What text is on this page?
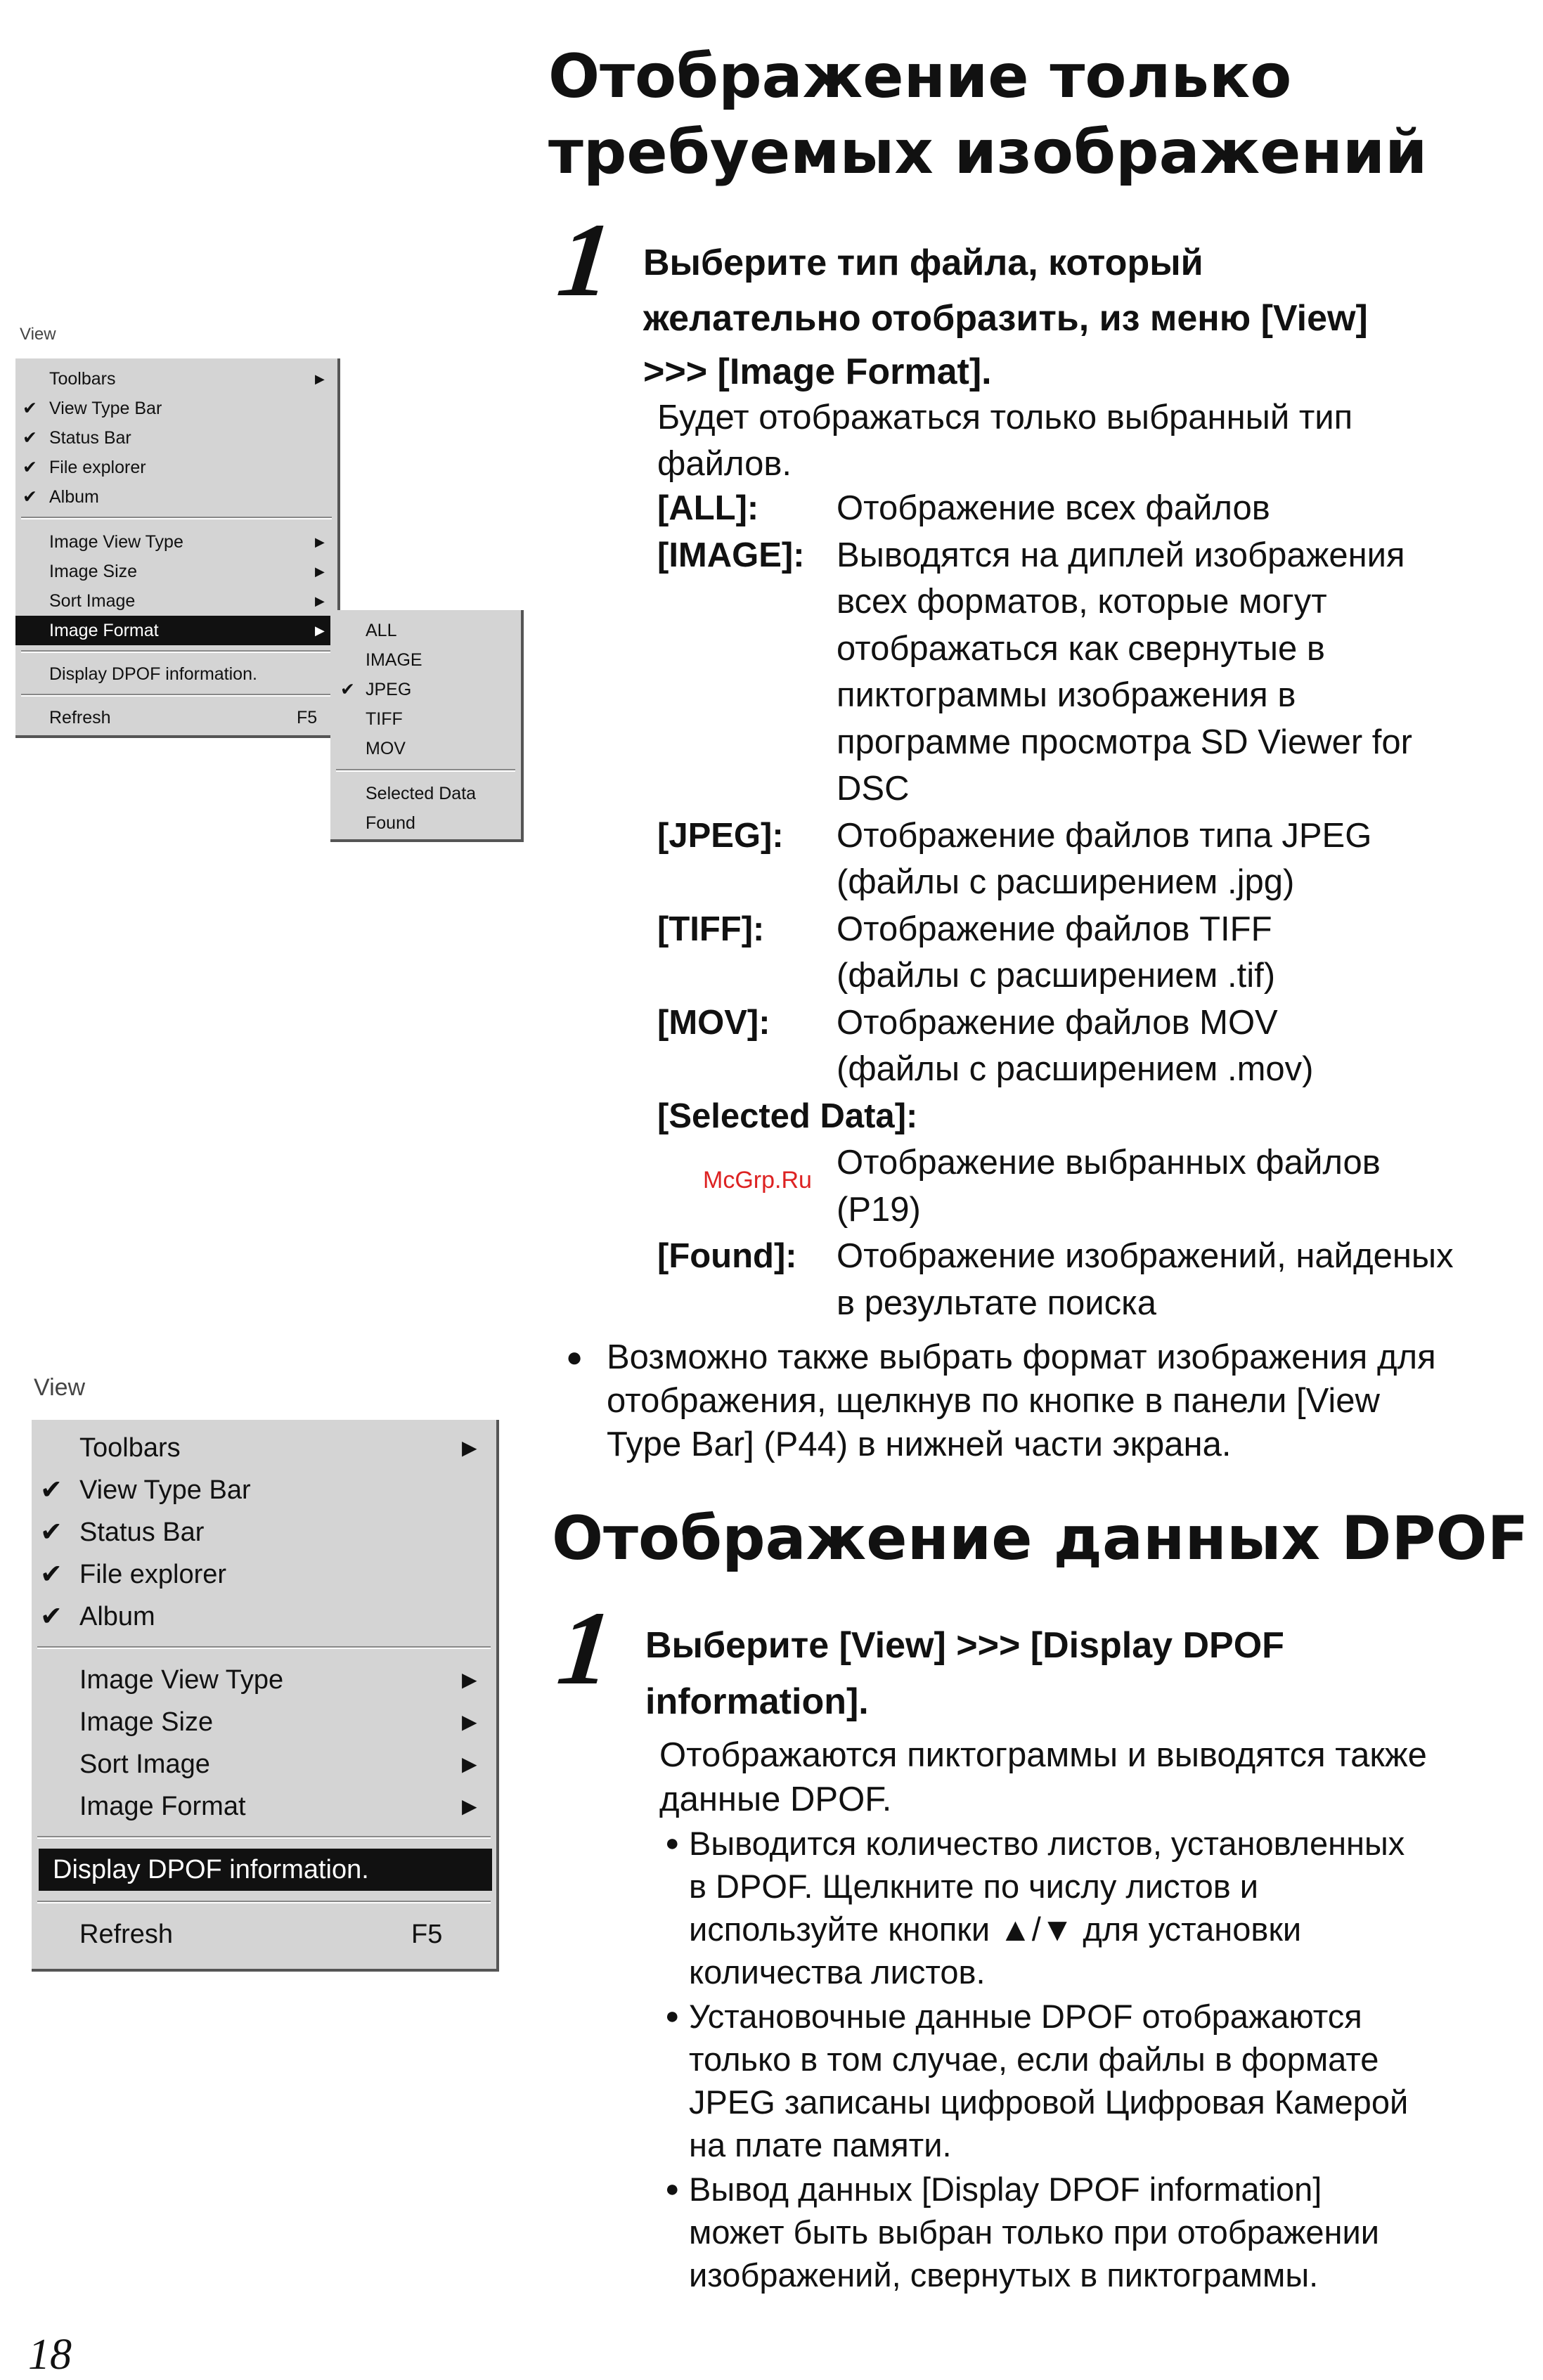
Отображение только
требуемых изображений
1 Выберите тип файла, который
желательно отобразить, из меню [View]
>>> [Image Format].
Будет отображаться только выбранный тип
файлов.
[ALL]:	Отображение всех файлов
[IMAGE]: Выводятся на диплей изображения
всех форматов, которые могут
отображаться как свернутые в
пиктограммы изображения в
программе просмотра SD Viewer for
DSC
[JPEG]:	Отображение файлов типа JPEG
(файлы с расширением .jpg)
[TIFF]:	Отображение файлов TIFF
(файлы с расширением .tif)
[MOV]:	Отображение файлов MOV
(файлы с расширением .mov)
[Selected Data]:
Отображение выбранных файлов
(P19)
[Found]:	Отображение изображений, найденых
в результате поиска
McGrp.Ru
● Возможно также выбрать формат изображения для
отображения, щелкнув по кнопке в панели [View
Type Bar] (P44) в нижней части экрана.
Отображение данных DPOF
1 Выберите [View] >>> [Display DPOF
information].
Отображаются пиктограммы и выводятся также
данные DPOF.
● Выводится количество листов, установленных
в DPOF. Щелкните по числу листов и
используйте кнопки ▲/▼ для установки
количества листов.
● Установочные данные DPOF отображаются
только в том случае, если файлы в формате
JPEG записаны цифровой Цифровая Камерой
на плате памяти.
● Вывод данных [Display DPOF information]
может быть выбран только при отображении
изображений, свернутых в пиктограммы.
18
View
Toolbars	▶
✔ View Type Bar
✔ Status Bar
✔ File explorer
✔ Album
Image View Type	▶
Image Size	▶
Sort Image	▶
Image Format	▶
Display DPOF information.
Refresh	F5
ALL
IMAGE
✔ JPEG
TIFF
MOV
Selected Data
Found
View
Toolbars	▶
✔ View Type Bar
✔ Status Bar
✔ File explorer
✔ Album
Image View Type	▶
Image Size	▶
Sort Image	▶
Image Format	▶
Display DPOF information.
Refresh	F5
